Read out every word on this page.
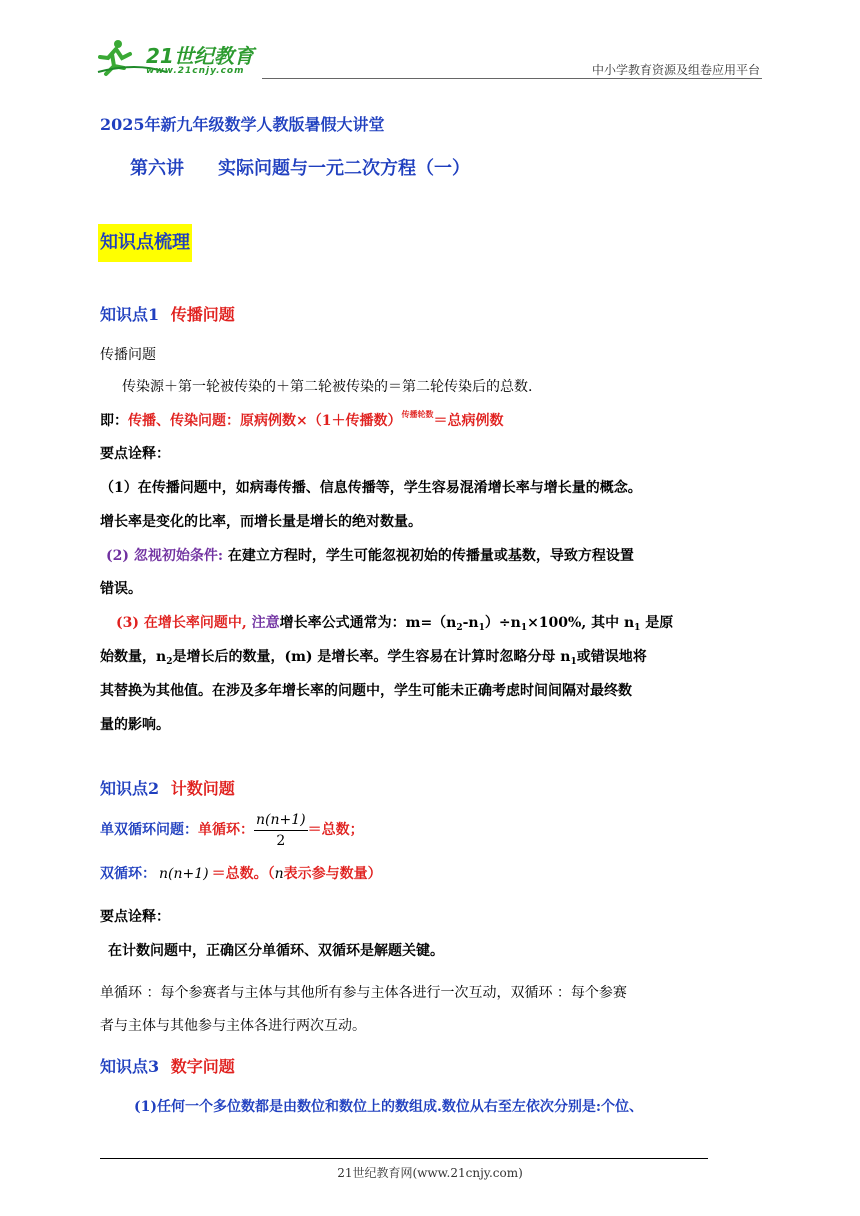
21世纪教育
www.21cnjy.com	中小学教育资源及组卷应用平台
2025年新九年级数学人教版暑假大讲堂
第六讲 实际问题与一元二次方程（一）
知识点梳理
知识点1 传播问题
传播问题
传染源＋第一轮被传染的＋第二轮被传染的＝第二轮传染后的总数.
即：传播、传染问题：原病例数×（1＋传播数）$^{传播轮数}$＝总病例数
要点诠释：
（1）在传播问题中，如病毒传播、信息传播等，学生容易混淆增长率与增长量的概念。
增长率是变化的比率，而增长量是增长的绝对数量。
(2) 忽视初始条件: 在建立方程时，学生可能忽视初始的传播量或基数，导致方程设置
错误。
(3) 在增长率问题中, 注意增长率公式通常为：$m=(n_2-n_1)\div n_1\times 100\%$, 其中 $n_1$ 是原
始数量，$n_2$是增长后的数量，(m) 是增长率。学生容易在计算时忽略分母 $n_1$或错误地将
其替换为其他值。在涉及多年增长率的问题中，学生可能未正确考虑时间间隔对最终数
量的影响。
知识点2 计数问题
单双循环问题：单循环： $\frac{n(n+1)}{2}$ ＝总数；
双循环： n(n+1) ＝总数。（n表示参与数量）
要点诠释：
在计数问题中，正确区分单循环、双循环是解题关键。
单循环 ：每个参赛者与主体与其他所有参与主体各进行一次互动，双循环 ：每个参赛
者与主体与其他参与主体各进行两次互动。
知识点3 数字问题
(1)任何一个多位数都是由数位和数位上的数组成.数位从右至左依次分别是:个位、
21世纪教育网(www.21cnjy.com)
